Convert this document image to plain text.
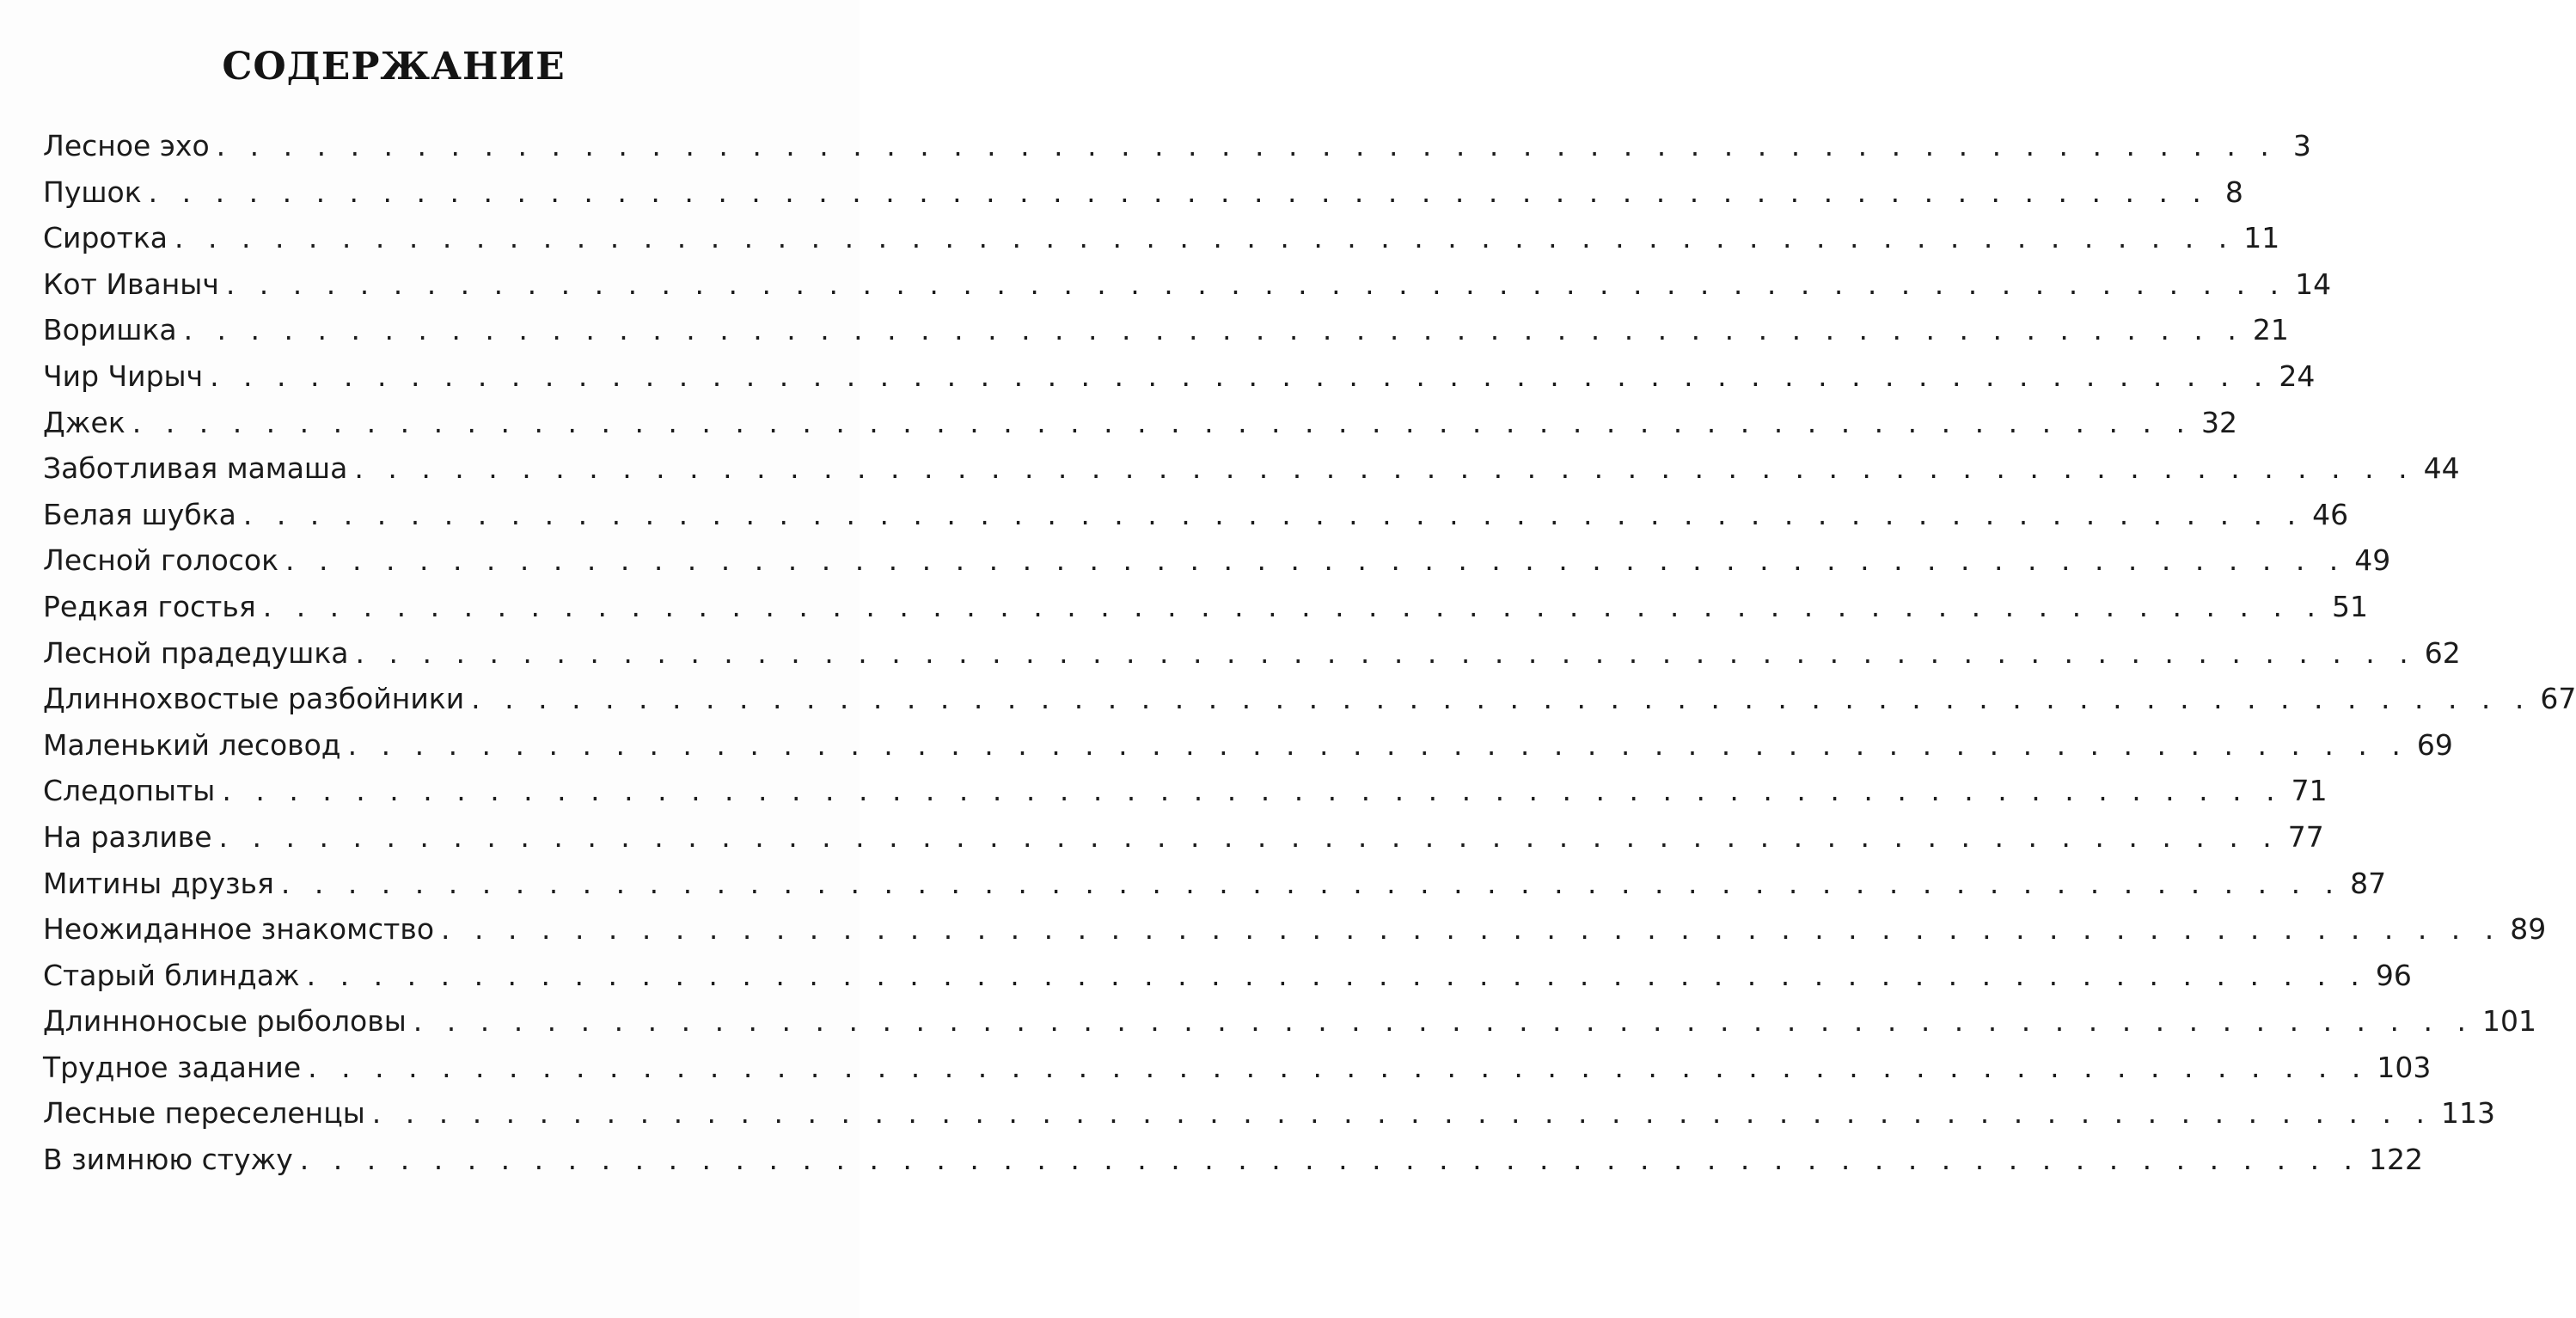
СОДЕРЖАНИЕ
Лесное эхо . . . . . . . . . . . . . . . . . . . . . . . . . . . . . . . . . . . . . . . . . . . . . . . . . . . . . . . . . . . . . . 3
Пушок . . . . . . . . . . . . . . . . . . . . . . . . . . . . . . . . . . . . . . . . . . . . . . . . . . . . . . . . . . . . . . 8
Сиротка . . . . . . . . . . . . . . . . . . . . . . . . . . . . . . . . . . . . . . . . . . . . . . . . . . . . . . . . . . . . . . 11
Кот Иваныч . . . . . . . . . . . . . . . . . . . . . . . . . . . . . . . . . . . . . . . . . . . . . . . . . . . . . . . . . . . . . . 14
Воришка . . . . . . . . . . . . . . . . . . . . . . . . . . . . . . . . . . . . . . . . . . . . . . . . . . . . . . . . . . . . . . 21
Чир Чирыч . . . . . . . . . . . . . . . . . . . . . . . . . . . . . . . . . . . . . . . . . . . . . . . . . . . . . . . . . . . . . . 24
Джек . . . . . . . . . . . . . . . . . . . . . . . . . . . . . . . . . . . . . . . . . . . . . . . . . . . . . . . . . . . . . . 32
Заботливая мамаша . . . . . . . . . . . . . . . . . . . . . . . . . . . . . . . . . . . . . . . . . . . . . . . . . . . . . . . . . . . . . . 44
Белая шубка . . . . . . . . . . . . . . . . . . . . . . . . . . . . . . . . . . . . . . . . . . . . . . . . . . . . . . . . . . . . . . 46
Лесной голосок . . . . . . . . . . . . . . . . . . . . . . . . . . . . . . . . . . . . . . . . . . . . . . . . . . . . . . . . . . . . . . 49
Редкая гостья . . . . . . . . . . . . . . . . . . . . . . . . . . . . . . . . . . . . . . . . . . . . . . . . . . . . . . . . . . . . . . 51
Лесной прадедушка . . . . . . . . . . . . . . . . . . . . . . . . . . . . . . . . . . . . . . . . . . . . . . . . . . . . . . . . . . . . . . 62
Длиннохвостые разбойники . . . . . . . . . . . . . . . . . . . . . . . . . . . . . . . . . . . . . . . . . . . . . . . . . . . . . . . . . . . . . . 67
Маленький лесовод . . . . . . . . . . . . . . . . . . . . . . . . . . . . . . . . . . . . . . . . . . . . . . . . . . . . . . . . . . . . . . 69
Следопыты . . . . . . . . . . . . . . . . . . . . . . . . . . . . . . . . . . . . . . . . . . . . . . . . . . . . . . . . . . . . . . 71
На разливе . . . . . . . . . . . . . . . . . . . . . . . . . . . . . . . . . . . . . . . . . . . . . . . . . . . . . . . . . . . . . . 77
Митины друзья . . . . . . . . . . . . . . . . . . . . . . . . . . . . . . . . . . . . . . . . . . . . . . . . . . . . . . . . . . . . . . 87
Неожиданное знакомство . . . . . . . . . . . . . . . . . . . . . . . . . . . . . . . . . . . . . . . . . . . . . . . . . . . . . . . . . . . . . . 89
Старый блиндаж . . . . . . . . . . . . . . . . . . . . . . . . . . . . . . . . . . . . . . . . . . . . . . . . . . . . . . . . . . . . . . 96
Длинноносые рыболовы . . . . . . . . . . . . . . . . . . . . . . . . . . . . . . . . . . . . . . . . . . . . . . . . . . . . . . . . . . . . . . 101
Трудное задание . . . . . . . . . . . . . . . . . . . . . . . . . . . . . . . . . . . . . . . . . . . . . . . . . . . . . . . . . . . . . . 103
Лесные переселенцы . . . . . . . . . . . . . . . . . . . . . . . . . . . . . . . . . . . . . . . . . . . . . . . . . . . . . . . . . . . . . . 113
В зимнюю стужу . . . . . . . . . . . . . . . . . . . . . . . . . . . . . . . . . . . . . . . . . . . . . . . . . . . . . . . . . . . . . . 122
